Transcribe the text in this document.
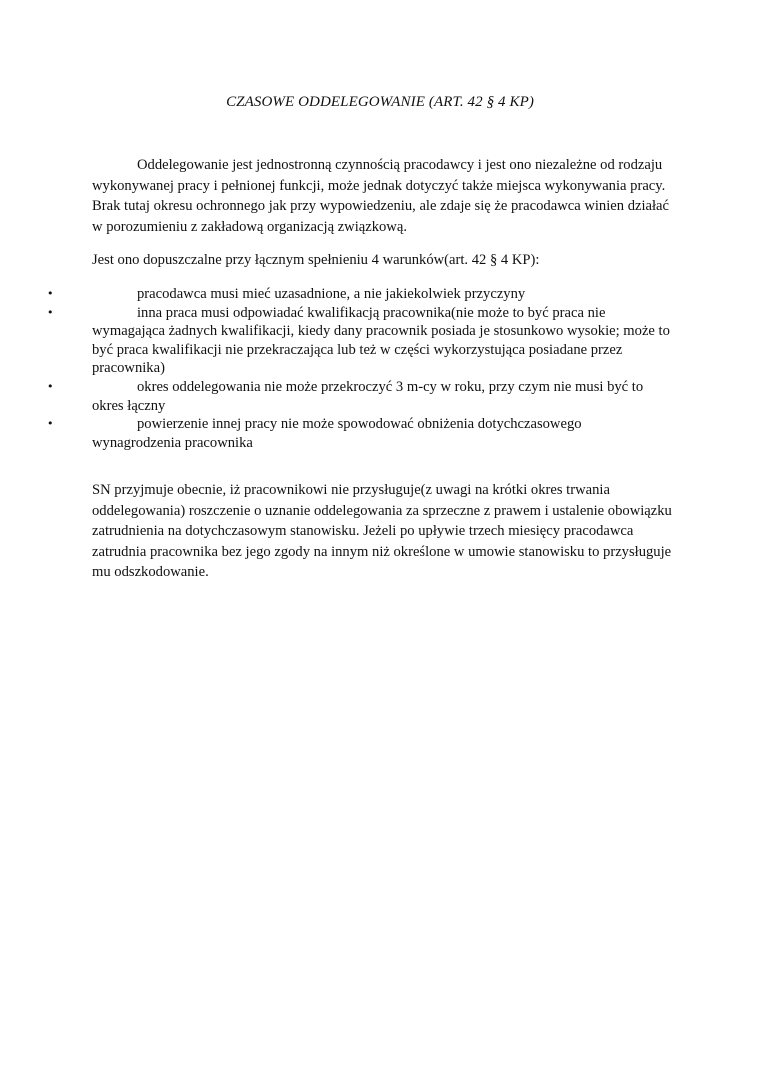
CZASOWE ODDELEGOWANIE (ART. 42 § 4 KP)

Oddelegowanie jest jednostronną czynnością pracodawcy i jest ono niezależne od rodzaju wykonywanej pracy i pełnionej funkcji, może jednak dotyczyć także miejsca wykonywania pracy. Brak tutaj okresu ochronnego jak przy wypowiedzeniu, ale zdaje się że pracodawca winien działać w porozumieniu z zakładową organizacją związkową.

Jest ono dopuszczalne przy łącznym spełnieniu 4 warunków(art. 42 § 4 KP):

•	pracodawca musi mieć uzasadnione, a nie jakiekolwiek przyczyny
•	inna praca musi odpowiadać kwalifikacją pracownika(nie może to być praca nie wymagająca żadnych kwalifikacji, kiedy dany pracownik posiada je stosunkowo wysokie; może to być praca kwalifikacji nie przekraczająca lub też w części wykorzystująca posiadane przez pracownika)
•	okres oddelegowania nie może przekroczyć 3 m-cy w roku, przy czym nie musi być to okres łączny
•	powierzenie innej pracy nie może spowodować obniżenia dotychczasowego wynagrodzenia pracownika

SN przyjmuje obecnie, iż pracownikowi nie przysługuje(z uwagi na krótki okres trwania oddelegowania) roszczenie o uznanie oddelegowania za sprzeczne z prawem i ustalenie obowiązku zatrudnienia na dotychczasowym stanowisku. Jeżeli po upływie trzech miesięcy pracodawca zatrudnia pracownika bez jego zgody na innym niż określone w umowie stanowisku to przysługuje mu odszkodowanie.
